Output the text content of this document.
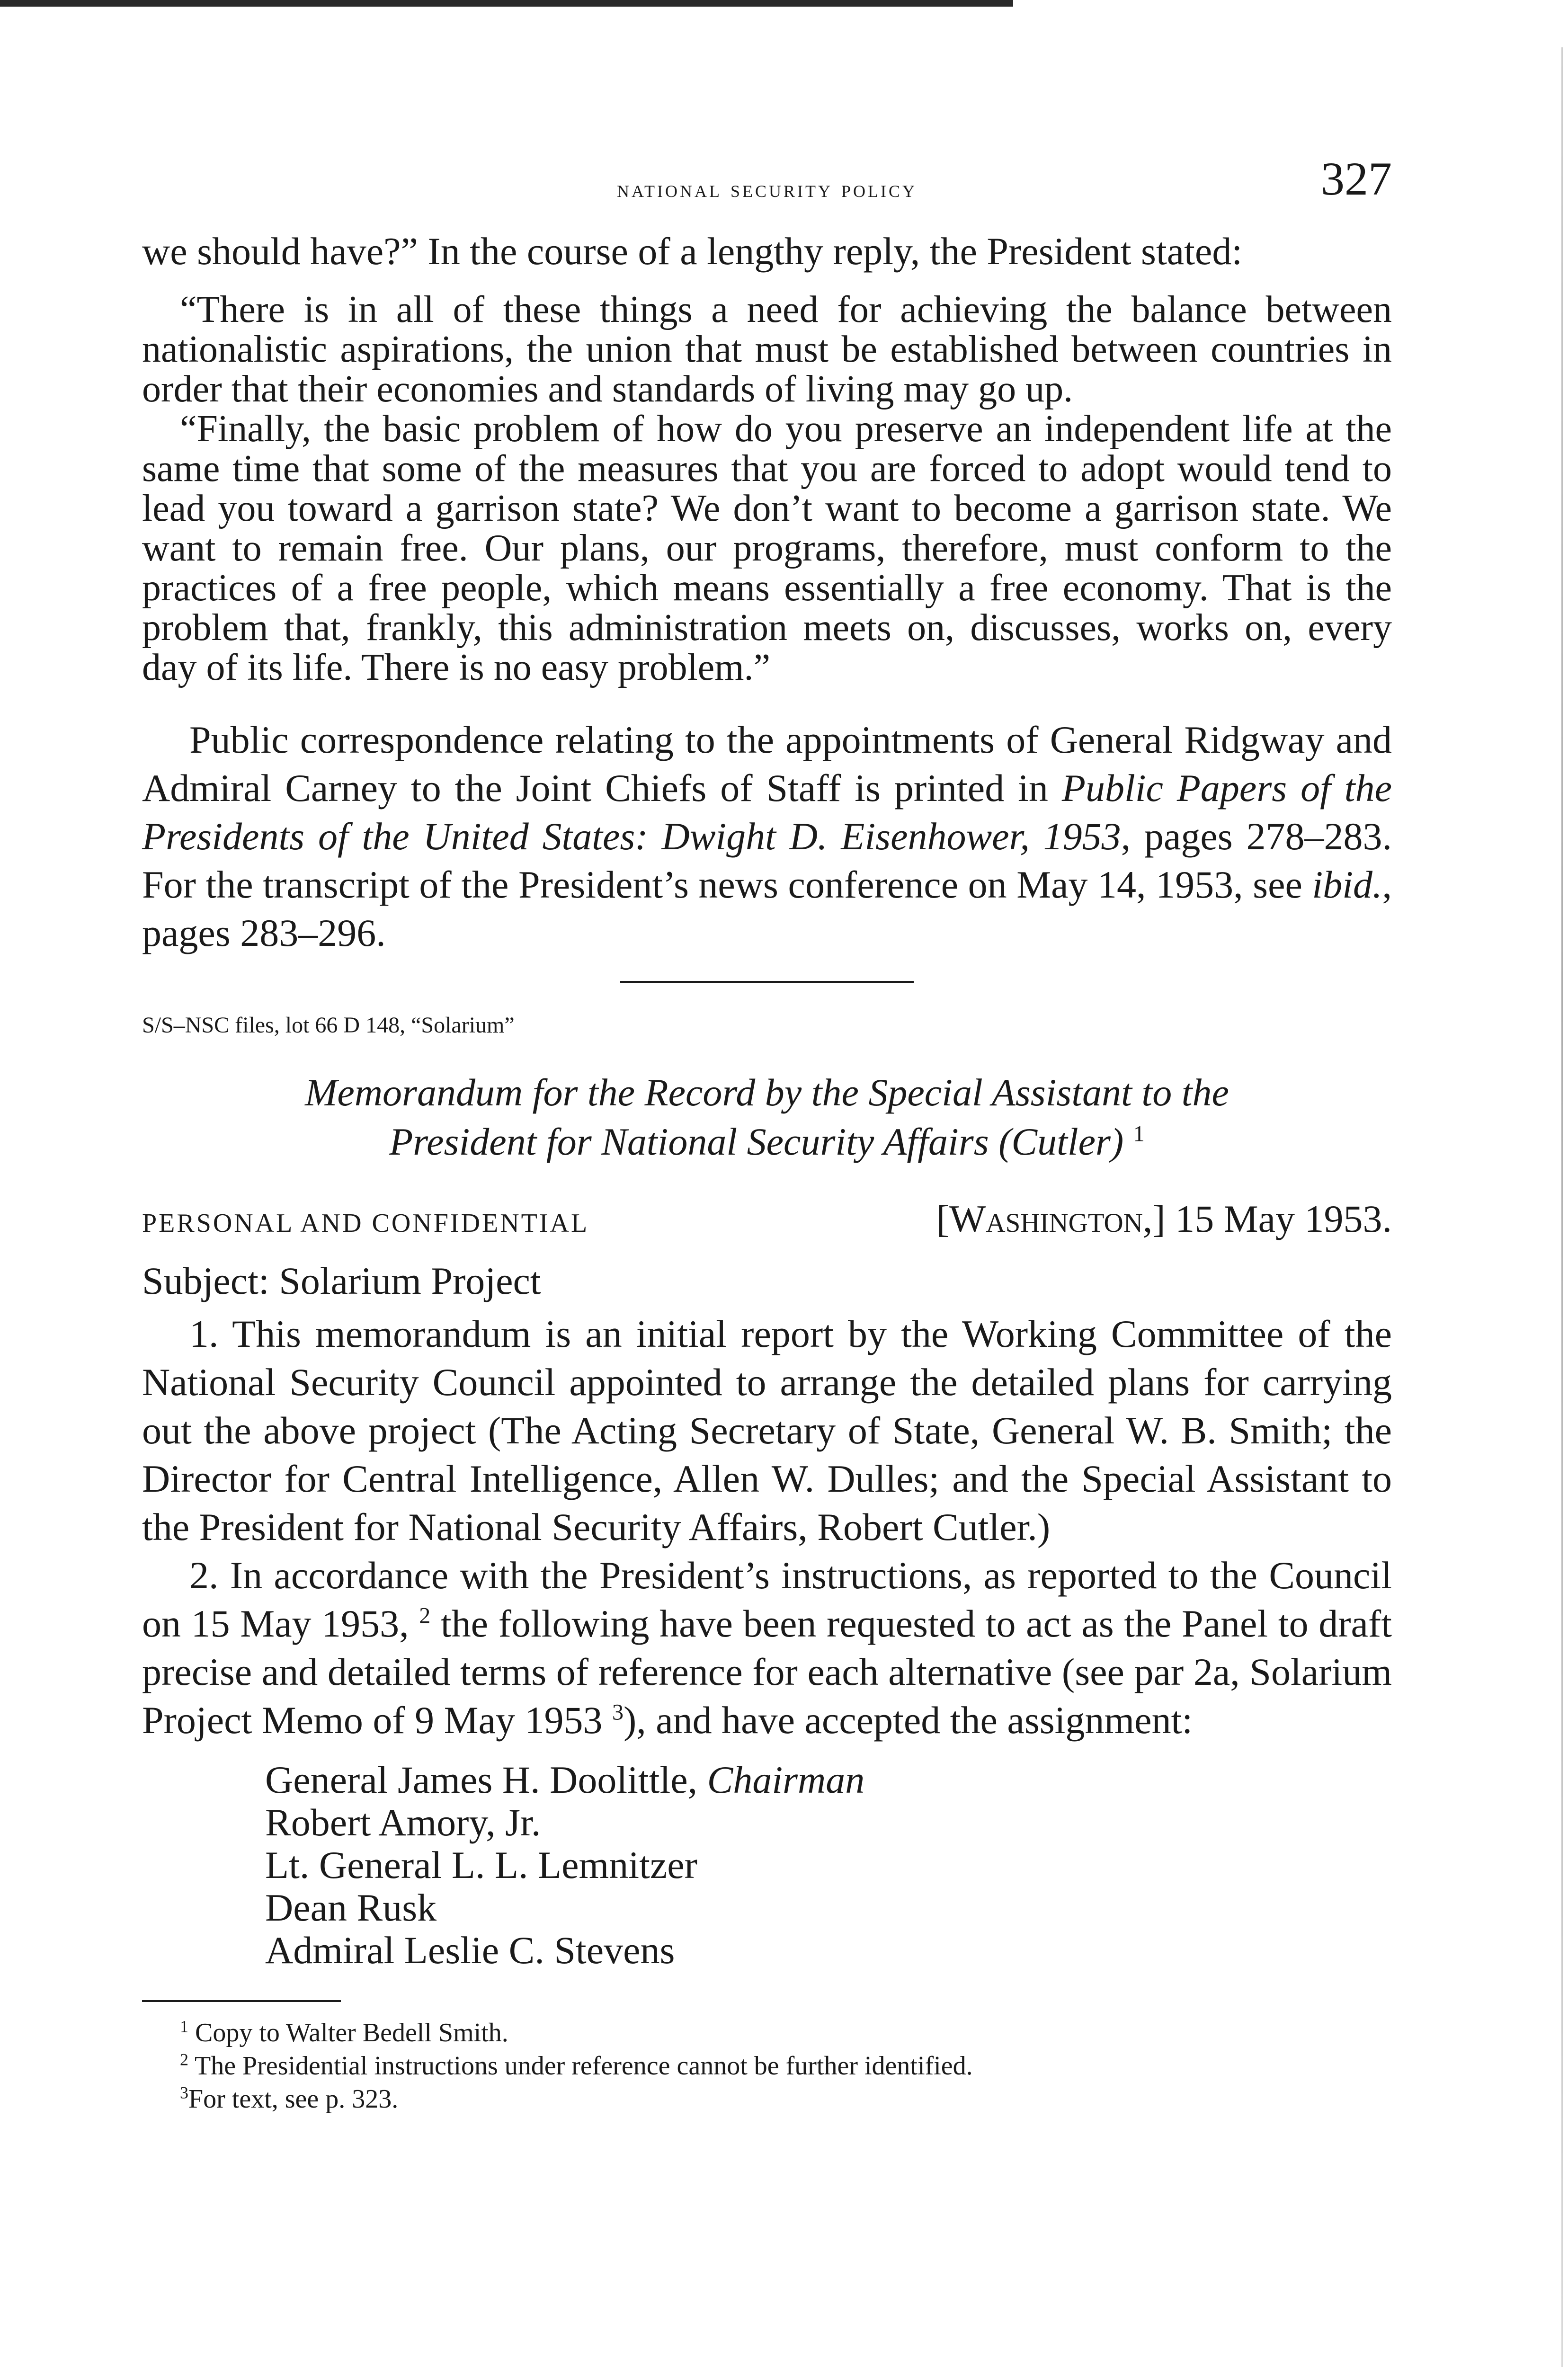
national security policy	327

we should have?” In the course of a lengthy reply, the President stated:

“There is in all of these things a need for achieving the balance between nationalistic aspirations, the union that must be established between countries in order that their economies and standards of living may go up.

“Finally, the basic problem of how do you preserve an independent life at the same time that some of the measures that you are forced to adopt would tend to lead you toward a garrison state? We don’t want to become a garrison state. We want to remain free. Our plans, our programs, therefore, must conform to the practices of a free people, which means essentially a free economy. That is the problem that, frankly, this administration meets on, discusses, works on, every day of its life. There is no easy problem.”

Public correspondence relating to the appointments of General Ridgway and Admiral Carney to the Joint Chiefs of Staff is printed in Public Papers of the Presidents of the United States: Dwight D. Eisenhower, 1953, pages 278–283. For the transcript of the President’s news conference on May 14, 1953, see ibid., pages 283–296.

S/S–NSC files, lot 66 D 148, “Solarium”
Memorandum for the Record by the Special Assistant to the
President for National Security Affairs (Cutler) $^1$
PERSONAL AND CONFIDENTIAL	[Washington,] 15 May 1953.

Subject: Solarium Project

1. This memorandum is an initial report by the Working Committee of the National Security Council appointed to arrange the detailed plans for carrying out the above project (The Acting Secretary of State, General W. B. Smith; the Director for Central Intelligence, Allen W. Dulles; and the Special Assistant to the President for National Security Affairs, Robert Cutler.)

2. In accordance with the President’s instructions, as reported to the Council on 15 May 1953, $^2$ the following have been requested to act as the Panel to draft precise and detailed terms of reference for each alternative (see par 2a, Solarium Project Memo of 9 May 1953 $^3$), and have accepted the assignment:

General James H. Doolittle, Chairman
Robert Amory, Jr.
Lt. General L. L. Lemnitzer
Dean Rusk
Admiral Leslie C. Stevens
$^1$ Copy to Walter Bedell Smith.
$^2$ The Presidential instructions under reference cannot be further identified.
$^3$For text, see p. 323.
